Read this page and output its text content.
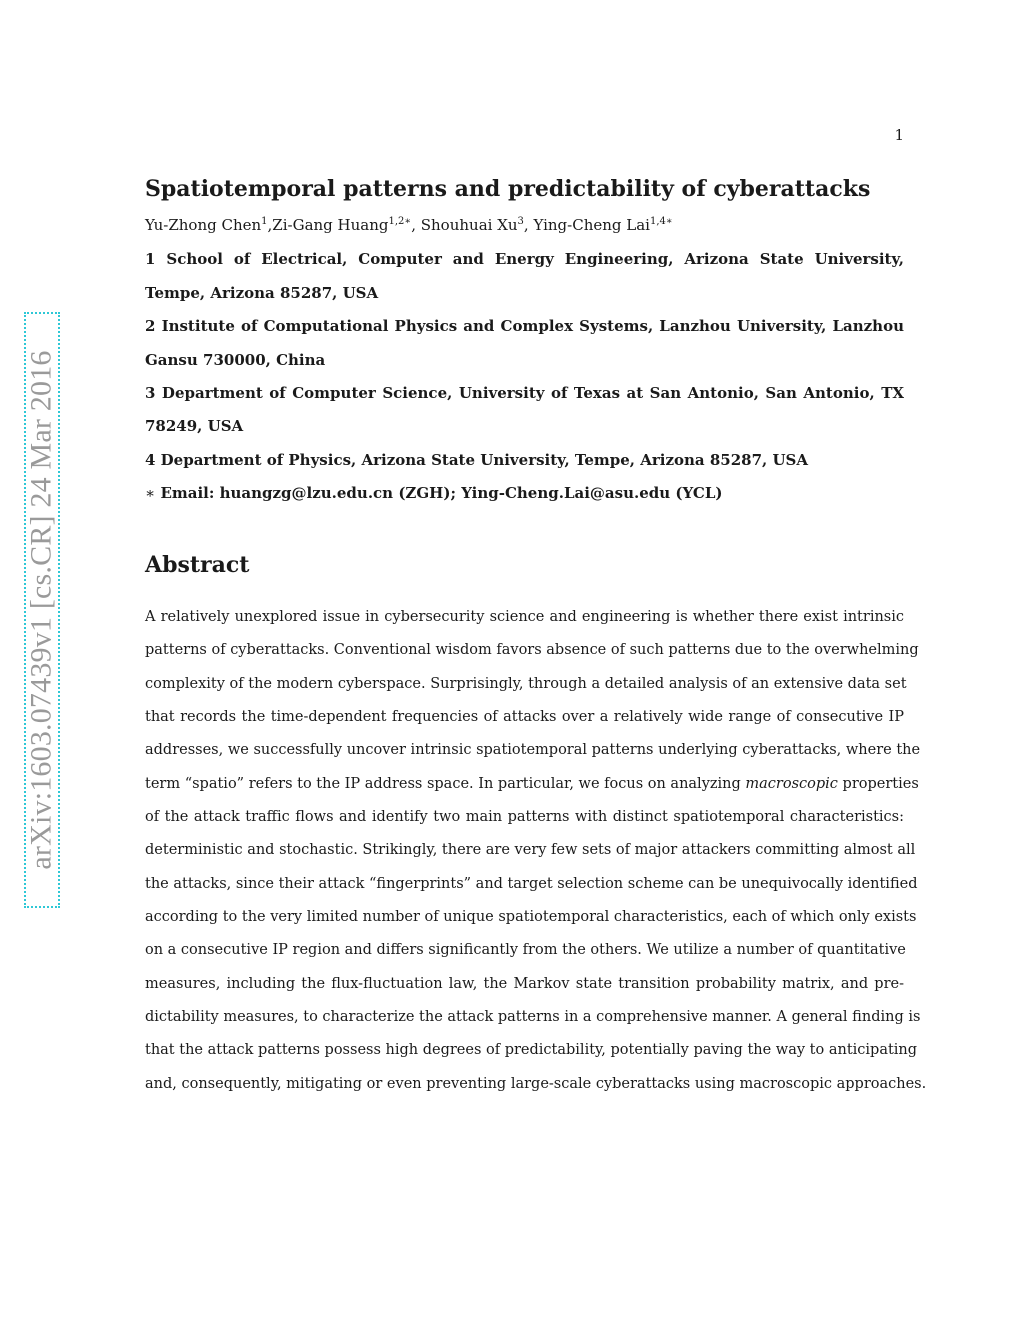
1
arXiv:1603.07439v1 [cs.CR] 24 Mar 2016
Spatiotemporal patterns and predictability of cyberattacks
Yu-Zhong Chen$^1$,Zi-Gang Huang$^{1,2∗}$, Shouhuai Xu$^3$, Ying-Cheng Lai$^{1,4∗}$
1 School of Electrical, Computer and Energy Engineering, Arizona State University,
Tempe, Arizona 85287, USA
2 Institute of Computational Physics and Complex Systems, Lanzhou University, Lanzhou
Gansu 730000, China
3 Department of Computer Science, University of Texas at San Antonio, San Antonio, TX
78249, USA
4 Department of Physics, Arizona State University, Tempe, Arizona 85287, USA
∗ Email: huangzg@lzu.edu.cn (ZGH); Ying-Cheng.Lai@asu.edu (YCL)
Abstract
A relatively unexplored issue in cybersecurity science and engineering is whether there exist intrinsic
patterns of cyberattacks. Conventional wisdom favors absence of such patterns due to the overwhelming
complexity of the modern cyberspace. Surprisingly, through a detailed analysis of an extensive data set
that records the time-dependent frequencies of attacks over a relatively wide range of consecutive IP
addresses, we successfully uncover intrinsic spatiotemporal patterns underlying cyberattacks, where the
term “spatio” refers to the IP address space. In particular, we focus on analyzing macroscopic properties
of the attack traffic flows and identify two main patterns with distinct spatiotemporal characteristics:
deterministic and stochastic. Strikingly, there are very few sets of major attackers committing almost all
the attacks, since their attack “fingerprints” and target selection scheme can be unequivocally identified
according to the very limited number of unique spatiotemporal characteristics, each of which only exists
on a consecutive IP region and differs significantly from the others. We utilize a number of quantitative
measures, including the flux-fluctuation law, the Markov state transition probability matrix, and pre-
dictability measures, to characterize the attack patterns in a comprehensive manner. A general finding is
that the attack patterns possess high degrees of predictability, potentially paving the way to anticipating
and, consequently, mitigating or even preventing large-scale cyberattacks using macroscopic approaches.
